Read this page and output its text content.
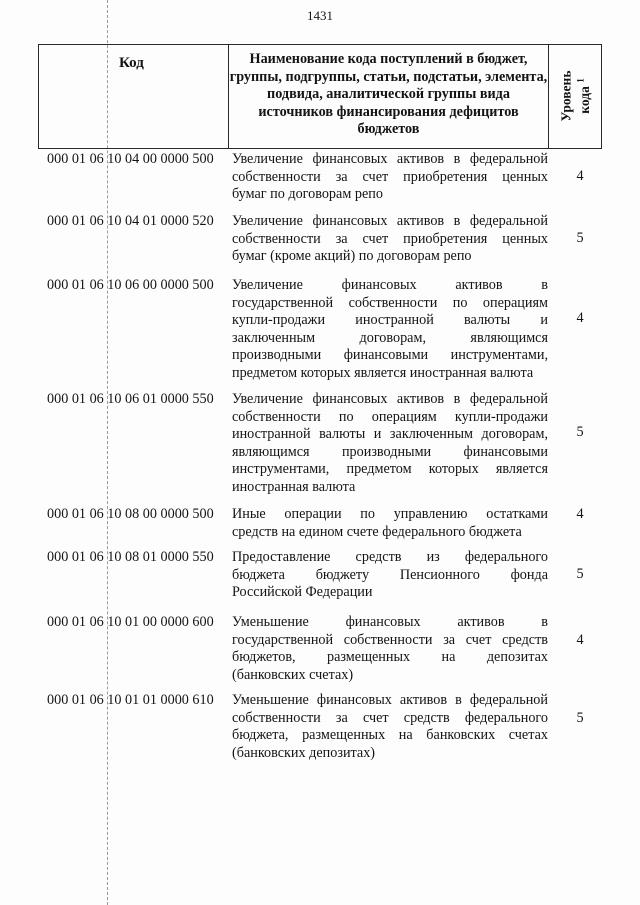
1431
Код	Наименование кода поступлений в бюджет, группы, подгруппы, статьи, подстатьи, элемента, подвида, аналитической группы вида источников финансирования дефицитов бюджетов
Уровень кода $^1$
000 01 06 10 04 00 0000 500 Увеличение финансовых активов в федеральной
собственности за счет приобретения ценных
бумаг по договорам репо
4
000 01 06 10 04 01 0000 520 Увеличение финансовых активов в федеральной
собственности за счет приобретения ценных
бумаг (кроме акций) по договорам репо
5
000 01 06 10 06 00 0000 500 Увеличение финансовых активов в
государственной собственности по операциям
купли-продажи иностранной валюты и
заключенным договорам, являющимся
производными финансовыми инструментами,
предметом которых является иностранная валюта
4
000 01 06 10 06 01 0000 550 Увеличение финансовых активов в федеральной
собственности по операциям купли-продажи
иностранной валюты и заключенным договорам,
являющимся производными финансовыми
инструментами, предметом которых является
иностранная валюта
5
000 01 06 10 08 00 0000 500 Иные операции по управлению остатками
средств на едином счете федерального бюджета
4
000 01 06 10 08 01 0000 550 Предоставление средств из федерального
бюджета бюджету Пенсионного фонда
Российской Федерации
5
000 01 06 10 01 00 0000 600 Уменьшение финансовых активов в
государственной собственности за счет средств
бюджетов, размещенных на депозитах
(банковских счетах)
4
000 01 06 10 01 01 0000 610 Уменьшение финансовых активов в федеральной
собственности за счет средств федерального
бюджета, размещенных на банковских счетах
(банковских депозитах)
5
